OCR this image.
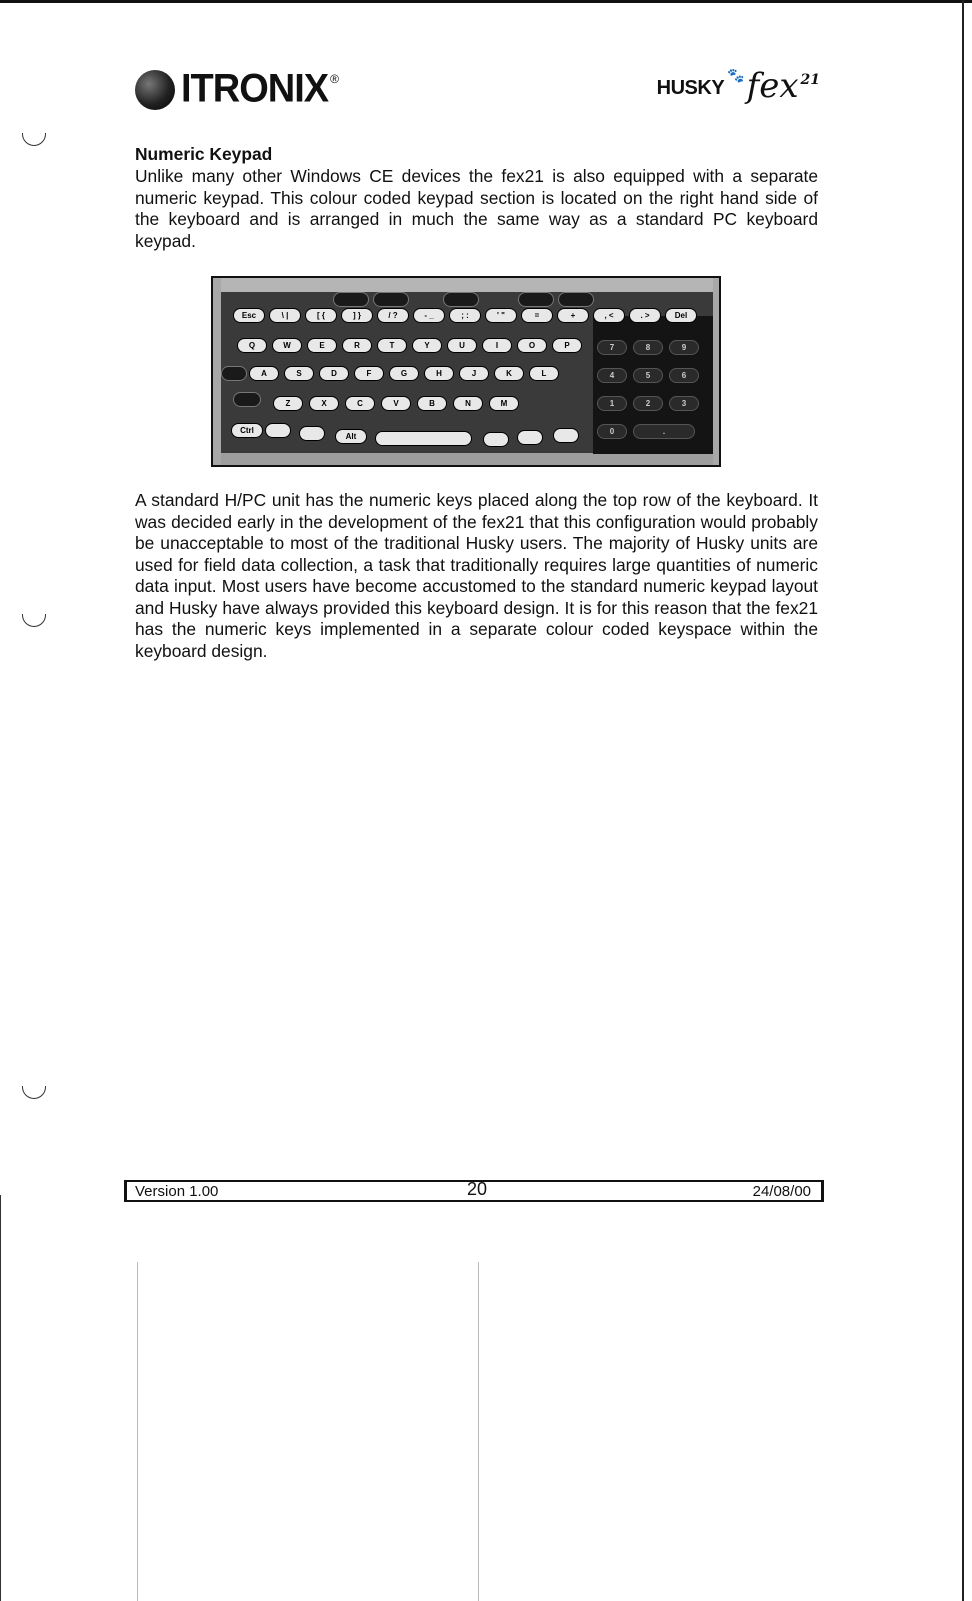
ITRONIX ®	HUSKY
🐾 fex 21
Numeric Keypad
Unlike many other Windows CE devices the fex21 is also equipped with a separate numeric keypad. This colour coded keypad section is located on the right hand side of the keyboard and is arranged in much the same way as a standard PC keyboard keypad.
Esc	\ |	[ {	] }	/ ?	- _	; :	' "	=	+	, <	. >	Del
Q	W	E	R	T	Y	U	I	O	P
A	S	D	F	G	H	J	K	L
Z	X	C	V	B	N	M
Ctrl
Alt
7	8	9
4	5	6
1	2	3
0	.
A standard H/PC unit has the numeric keys placed along the top row of the keyboard. It was decided early in the development of the fex21 that this configuration would probably be unacceptable to most of the traditional Husky users. The majority of Husky units are used for field data collection, a task that traditionally requires large quantities of numeric data input. Most users have become accustomed to the standard numeric keypad layout and Husky have always provided this keyboard design. It is for this reason that the fex21 has the numeric keys implemented in a separate colour coded keyspace within the keyboard design.
Version 1.00	20	24/08/00
